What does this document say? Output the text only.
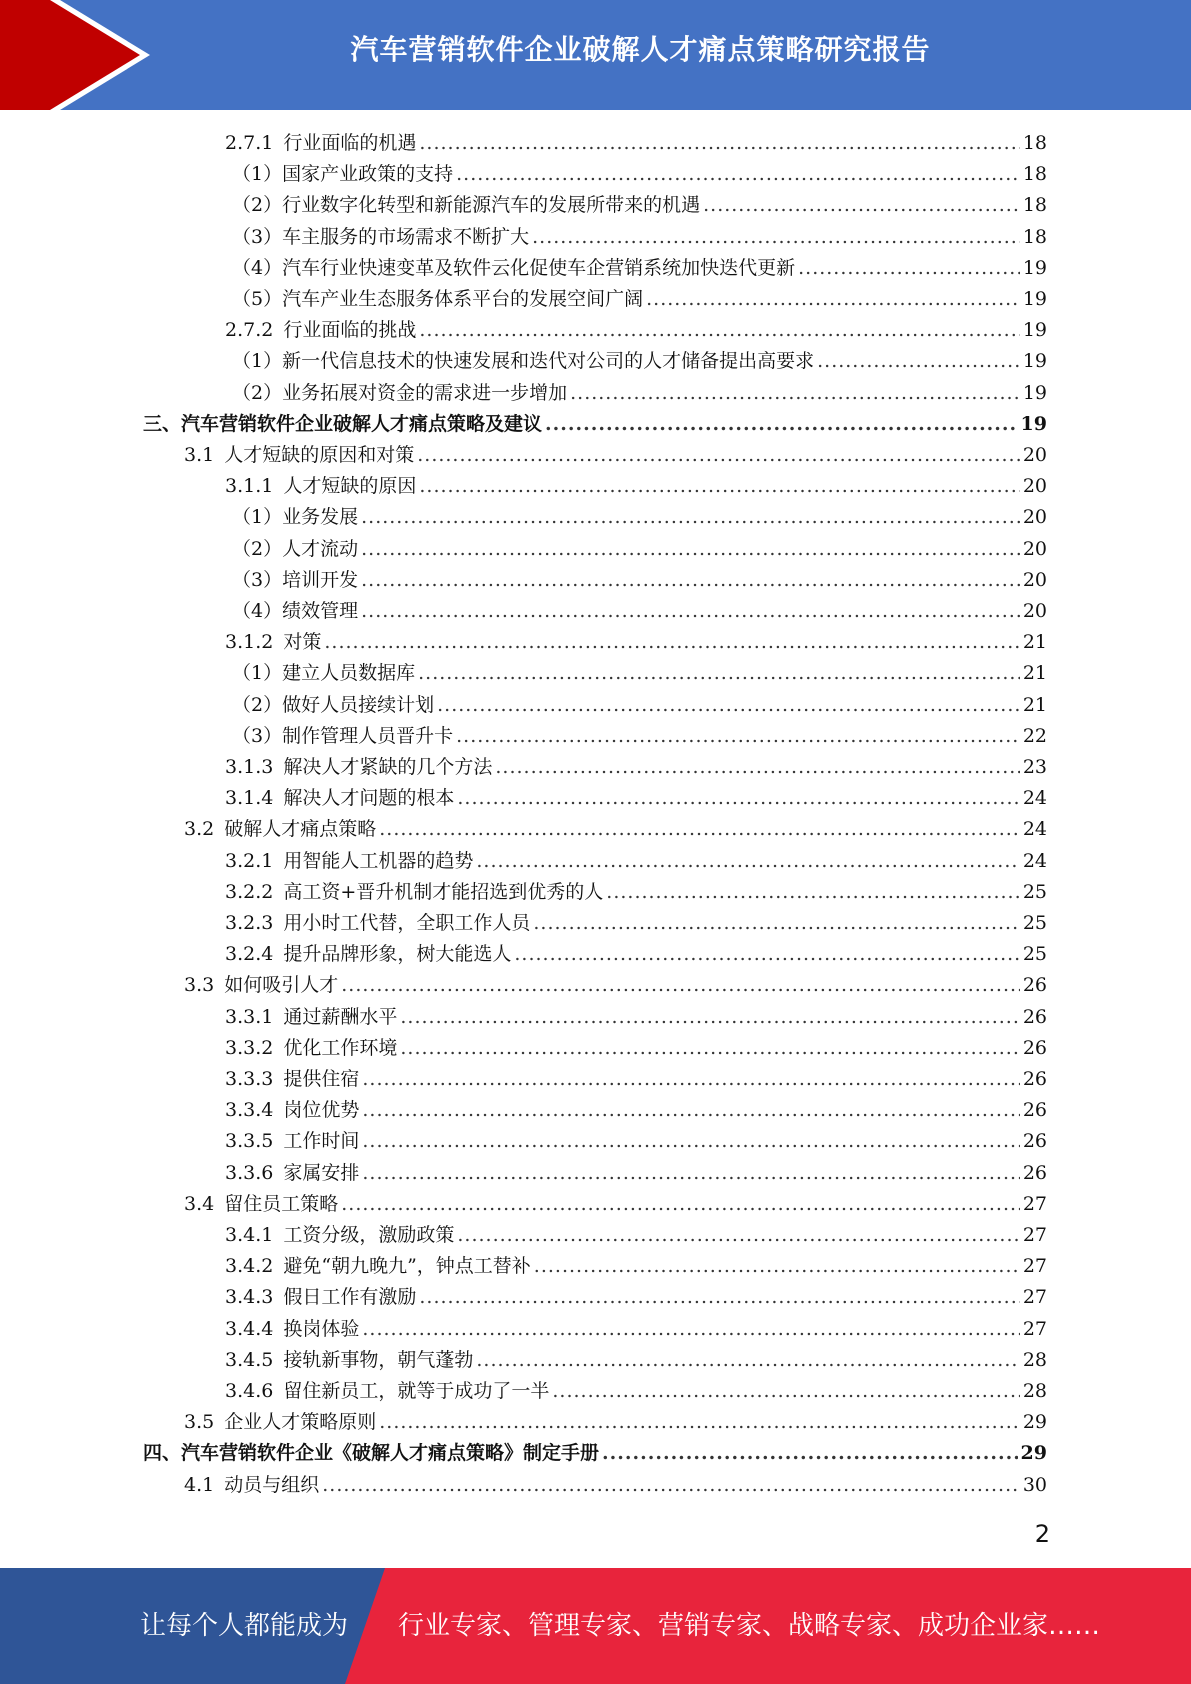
汽车营销软件企业破解人才痛点策略研究报告
2.7.1 行业面临的机遇 .....	18
（1） 国家产业政策的支持 .....	18
（2） 行业数字化转型和新能源汽车的发展所带来的机遇 .....	18
（3） 车主服务的市场需求不断扩大 .....	18
（4） 汽车行业快速变革及软件云化促使车企营销系统加快迭代更新 .....	19
（5） 汽车产业生态服务体系平台的发展空间广阔 .....	19
2.7.2 行业面临的挑战 .....	19
（1） 新一代信息技术的快速发展和迭代对公司的人才储备提出高要求 .....	19
（2） 业务拓展对资金的需求进一步增加 .....	19
三、 汽车营销软件企业破解人才痛点策略及建议 .....	19
3.1 人才短缺的原因和对策 .....	20
3.1.1 人才短缺的原因 .....	20
（1） 业务发展 .....	20
（2） 人才流动 .....	20
（3） 培训开发 .....	20
（4） 绩效管理 .....	20
3.1.2 对策 .....	21
（1） 建立人员数据库 .....	21
（2） 做好人员接续计划 .....	21
（3） 制作管理人员晋升卡 .....	22
3.1.3 解决人才紧缺的几个方法 .....	23
3.1.4 解决人才问题的根本 .....	24
3.2 破解人才痛点策略 .....	24
3.2.1 用智能人工机器的趋势 .....	24
3.2.2 高工资+晋升机制才能招选到优秀的人 .....	25
3.2.3 用小时工代替，全职工作人员 .....	25
3.2.4 提升品牌形象，树大能选人 .....	25
3.3 如何吸引人才 .....	26
3.3.1 通过薪酬水平 .....	26
3.3.2 优化工作环境 .....	26
3.3.3 提供住宿 .....	26
3.3.4 岗位优势 .....	26
3.3.5 工作时间 .....	26
3.3.6 家属安排 .....	26
3.4 留住员工策略 .....	27
3.4.1 工资分级，激励政策 .....	27
3.4.2 避免“朝九晚九”，钟点工替补 .....	27
3.4.3 假日工作有激励 .....	27
3.4.4 换岗体验 .....	27
3.4.5 接轨新事物，朝气蓬勃 .....	28
3.4.6 留住新员工，就等于成功了一半 .....	28
3.5 企业人才策略原则 .....	29
四、 汽车营销软件企业《破解人才痛点策略》制定手册 .....	29
4.1 动员与组织 .....	30
2
让每个人都能成为 行业专家、管理专家、营销专家、战略专家、成功企业家……
